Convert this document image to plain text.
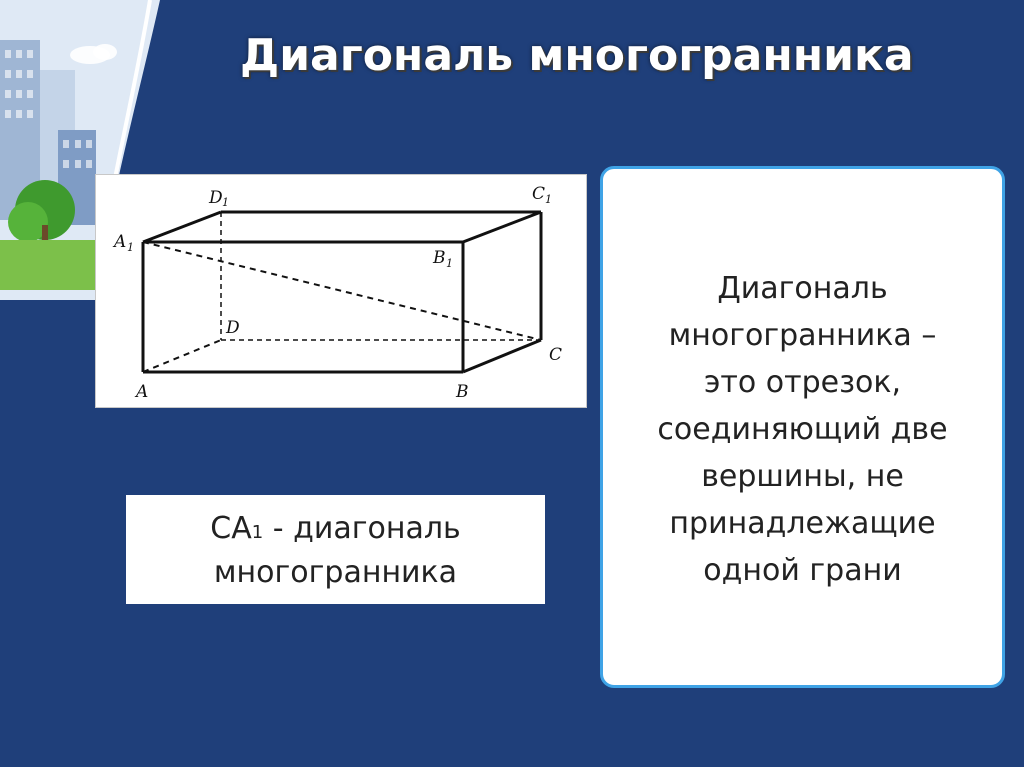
Диагональ многогранника
D 1	C 1
A 1
B 1
D
C
A	B
CA1 - диагональ
многогранника
Диагональ
многогранника –
это отрезок,
соединяющий две
вершины, не
принадлежащие
одной грани
